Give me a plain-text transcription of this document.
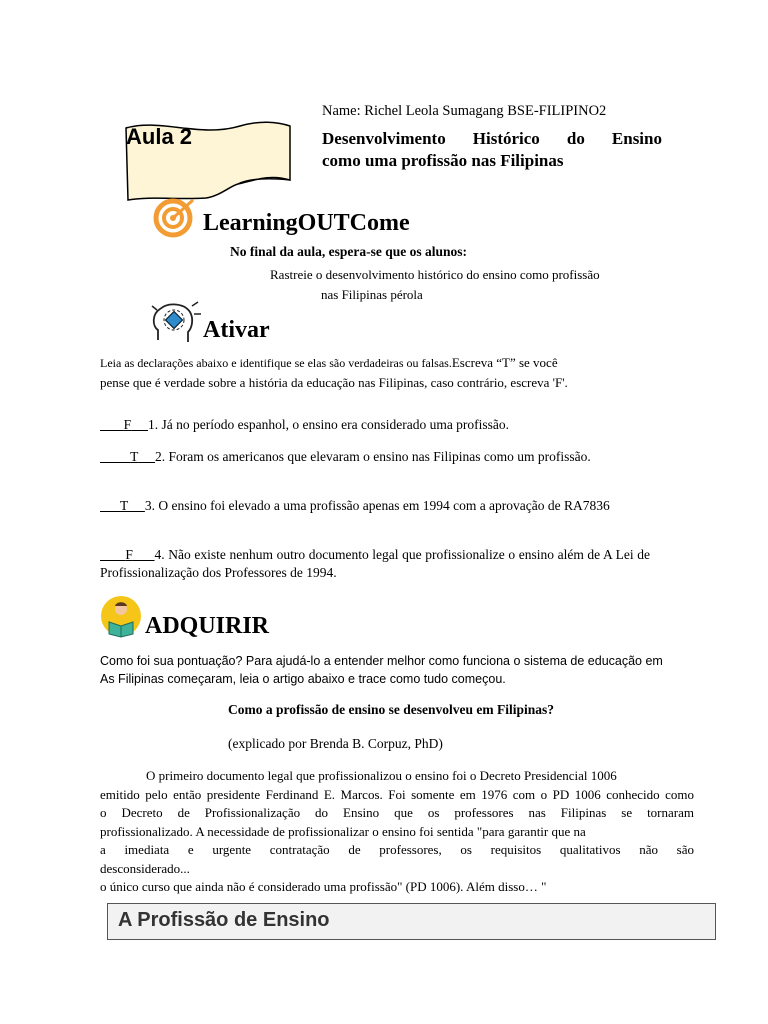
Name: Richel Leola Sumagang BSE-FILIPINO2
Aula 2	Desenvolvimento Histórico do Ensino
como uma profissão nas Filipinas
LearningOUTCome
No final da aula, espera-se que os alunos:
Rastreie o desenvolvimento histórico do ensino como profissão
nas Filipinas pérola
Ativar
Leia as declarações abaixo e identifique se elas são verdadeiras ou falsas.Escreva “T” se você
pense que é verdade sobre a história da educação nas Filipinas, caso contrário, escreva 'F'.
F 1. Já no período espanhol, o ensino era considerado uma profissão.
T 2. Foram os americanos que elevaram o ensino nas Filipinas como um profissão.
T 3. O ensino foi elevado a uma profissão apenas em 1994 com a aprovação de RA7836
F 4. Não existe nenhum outro documento legal que profissionalize o ensino além de A Lei de Profissionalização dos Professores de 1994.
ADQUIRIR
Como foi sua pontuação? Para ajudá-lo a entender melhor como funciona o sistema de educação em
As Filipinas começaram, leia o artigo abaixo e trace como tudo começou.
Como a profissão de ensino se desenvolveu em Filipinas?
(explicado por Brenda B. Corpuz, PhD)
O primeiro documento legal que profissionalizou o ensino foi o Decreto Presidencial 1006
emitido pelo então presidente Ferdinand E. Marcos. Foi somente em 1976 com o PD 1006 conhecido como
o Decreto de Profissionalização do Ensino que os professores nas Filipinas se tornaram
profissionalizado. A necessidade de profissionalizar o ensino foi sentida "para garantir que na
a imediata e urgente contratação de professores, os requisitos qualitativos não são
desconsiderado...
o único curso que ainda não é considerado uma profissão" (PD 1006). Além disso… "
A Profissão de Ensino
